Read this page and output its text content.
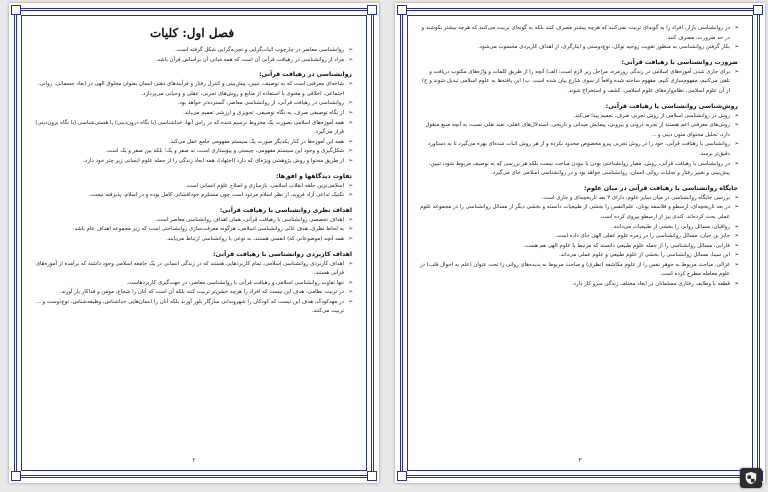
فصل اول: کلیات
➢ روانشناسی معاصر در چارچوب اثبات‌گرایی و تجربه‌گرایی شکل گرفته است.
➢ مراد از روانشناسی در رهیافت قرآنی آن است که همه مبانی آن براساس قرآن باشد.
روانشناسی در رهیافت قرآنی:
➢ شاخه‌ای معرفتی است که به توصیف، تبیین، پیش‌بینی و کنترل رفتار و فرآیندهای ذهنی انسان بعنوان مخلوق الهی در ابعاد جسمانی، روانی، اجتماعی، اخلاقی و معنوی با استفاده از منابع و روش‌های تجربی، عقلی و وحیانی می‌پردازد.
➢ روانشناسی در رهیافت قرآنی، از روانشناسی معاصر، گسترده‌تر خواهد بود.
➢ از نگاه توصیفی صرف، به نگاه توصیفی، تجویزی و ارزشی تعمیم می‌یابد.
➢ همه آموزه‌های اسلامی بصورت یک مخروط ترسیم شده که در راس آنها، خداشناسی (با نگاه درون‌دینی) یا هستی‌شناسی (با نگاه برون‌دینی) قرار می‌گیرد.
➢ همه این آموزه‌ها در کنار یکدیگر صورت یک سیستم مفهومی جامع عمل می‌کند.
➢ شکل‌گیری و وجود این سیستم مفهومی، چیستی و پیوستاری است، نه صفر و یک؛ بلکه بین صفر و یک است.
➢ از طریق محتوا و روش پژوهشی ویژه‌ای که دارد (اجتهاد)، همه ابعاد زندگی را از جمله علوم انسانی زیر چتر خود دارد.
تفاوت دیدگاهها و افق‌ها:
➢ اسلامی‌ترین حلقه انقلاب اسلامی، بازسازی و اصلاح علوم انسانی است.
➢ تکنیک تداعی آزاد فروید، از نظر اسلام مردود است چون مستلزم خودافشایی کامل بوده و در اسلام، پذیرفته نیست.
اهداف نظری روانشناسی با رهیافت قرآنی:
➢ اهداف تخصصی روانشناسی با رهیافت قرآنی، همان اهداف روانشناسی معاصر است.
➢ به لحاظ نظری، هدف غائی روانشناسی اسلامی، هرگونه معرفت‌سازی روانشناختی است که زیر مجموعه اهداف عام باشد.
➢ همه آنچه (موضوعاتی که) انفسی هستند، به نوعی با روانشناسی ارتباط می‌یابند.
اهداف کاربردی روانشناسی با رهیافت قرآنی:
➢ اهداف کاربردی روانشناسی اسلامی، تمام کاربردهایی هستند که در زندگی انسانی در یک جامعه اسلامی وجود داشته که برآمده از آموزه‌های قرآنی هستند.
➢ تنها تفاوت روانشناسی اسلامی و رهیافت قرآنی با روانشناسی معاصر، در جهت‌گیری کاربردهاست.
➢ در تربیت نظامی، هدف این نیست که افراد را هرچه خشن‌تر تربیت کنند بلکه آن است که آنان را شجاع، مومن و فداکار بار آورند.
➢ در مهدکودک، هدف این نیست که کودکان را شهروندانی سازگار بلور آورند بلکه آنان را انسان‌هایی خداشناس، وظیفه‌شناس، نوع‌دوست و ... تربیت می‌کنند.
۲
➢ در روانشناسی بازار، افراد را به گونه‌ای تربیت نمی‌کنند که هرچه بیشتر مصرف کنند بلکه به گونه‌ای تربیت می‌کنند که هرچه بیشتر بکوشند و در حد ضرورت، مصرف کنند.
➢ بکار گرفتن روانشناسی به منظور تقویت روحیه توکل، نوع‌دوستی و ایثارگری، از اهداف کاربردی محسوب می‌شود.
ضرورت روانشناسی با رهیافت قرآنی:
➢ برای جاری شدن آموزه‌های اسلامی در زندگی روزمره، مراحل زیر لازم است: الف) آنچه را از طریق کلمات و واژه‌های مکتوب دریافت و تلقی می‌کنیم، مفهوم‌سازی کنیم. مفهوم ساخته شده واقعاً از سوی شارع بیان شده است. ب) این یافته‌ها به علوم اسلامی تبدیل شوند و ج) از آن علوم اسلامی، نظام‌واره‌های علوم اسلامی، کشف و استخراج شوند.
روش‌شناسی روانشناسی با رهیافت قرآنی:
➢ روش در روانشناسی اسلامی از روش تجربی صرف، تعمیم پیدا می‌کند.
➢ روش‌های معرفتی اعم هستند از تجربه درونی و بیرونی، پیمایش میدانی و تاریخی، استدلال‌های عقلی، تعبد نقلی نسبت به آنچه منبع منقول دارد، تحلیل محتوای متون دینی و ...
➢ روانشناسی با رهیافت قرآنی، خود را در روش تجربی پیرو مخصوص محدود نکرده و از هر روش اثبات شده‌ای بهره می‌گیرد تا به دستاورد دقیق‌تر برسد.
➢ در روانشناسی با رهیافت قرآنی، روش، معیار روانشناختی بودن یا نبودن مباحث نیست بلکه هر بررسی که به توصیف مربوط شود، تبیین، پیش‌بینی و تغییر رفتار و تجلیات روانی انسان، روانشناسی خواهد بود و در روانشناسی اسلامی جای می‌گیرد.
جایگاه روانشناسی با رهیافت قرآنی در میان علوم:
➢ بررسی جایگاه روانشناسی در میان سایر علوم، دارای ۲ بعد تاریخچه‌ای و جاری است.
➢ در بعد تاریخچه‌ای، ارسطو و فلاسفه یونان، علم‌النفس را بخشی از طبیعیات دانسته و بخشی دیگر از مسائل روانشناسی را در مجموعه علوم عملی بحث کرده‌اند. کندی نیز از ارسطو پیروی کرده است.
➢ رواقیان، مسائل روانی را بخشی از طبیعیات می‌دانند.
➢ جابر بن حیان، مسائل روانشناسی را در زمره علوم عقلی الهی جای داده است.
➢ فارابی، مسائل روانشناسی را از جمله علوم طبیعی دانسته که مرتبط با علوم الهی هم هست.
➢ ابن سینا، مسائل روانشناسی را بخشی از علوم طبیعی و علوم عملی می‌داند.
➢ غزالی، مباحث مربوط به جوهر نفس را از علوم مکاشفه (نظری) و مباحث مربوط به پدیده‌های روانی را تحت عنوان (علم به احوال قلب) در علوم معامله مطرح کرده است.
➢ قطعه با وظایف رفتاری مسلمانان در ابعاد مختلف زندگی سرو کار دارد.
۳
